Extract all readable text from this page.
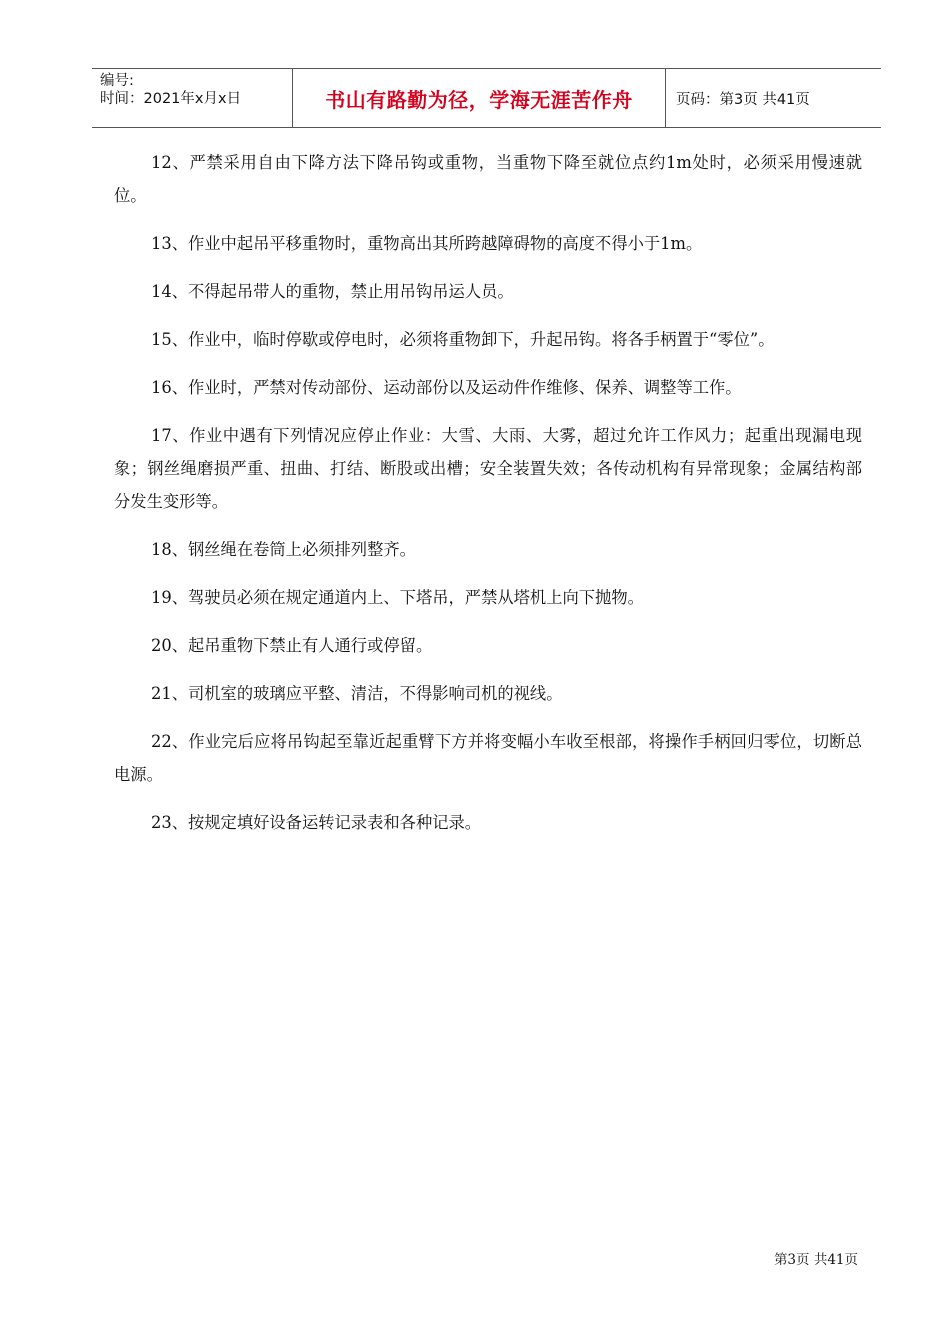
编号:
时间：2021年x月x日	书山有路勤为径，学海无涯苦作舟	页码：第3页 共41页

12、严禁采用自由下降方法下降吊钩或重物，当重物下降至就位点约1m处时，必须采用慢速就位。

13、作业中起吊平移重物时，重物高出其所跨越障碍物的高度不得小于1m。

14、不得起吊带人的重物，禁止用吊钩吊运人员。

15、作业中，临时停歇或停电时，必须将重物卸下，升起吊钩。将各手柄置于“零位”。

16、作业时，严禁对传动部份、运动部份以及运动件作维修、保养、调整等工作。

17、作业中遇有下列情况应停止作业：大雪、大雨、大雾，超过允许工作风力；起重出现漏电现象；钢丝绳磨损严重、扭曲、打结、断股或出槽；安全装置失效；各传动机构有异常现象；金属结构部分发生变形等。

18、钢丝绳在卷筒上必须排列整齐。

19、驾驶员必须在规定通道内上、下塔吊，严禁从塔机上向下抛物。

20、起吊重物下禁止有人通行或停留。

21、司机室的玻璃应平整、清洁，不得影响司机的视线。

22、作业完后应将吊钩起至靠近起重臂下方并将变幅小车收至根部，将操作手柄回归零位，切断总电源。

23、按规定填好设备运转记录表和各种记录。

第3页 共41页
